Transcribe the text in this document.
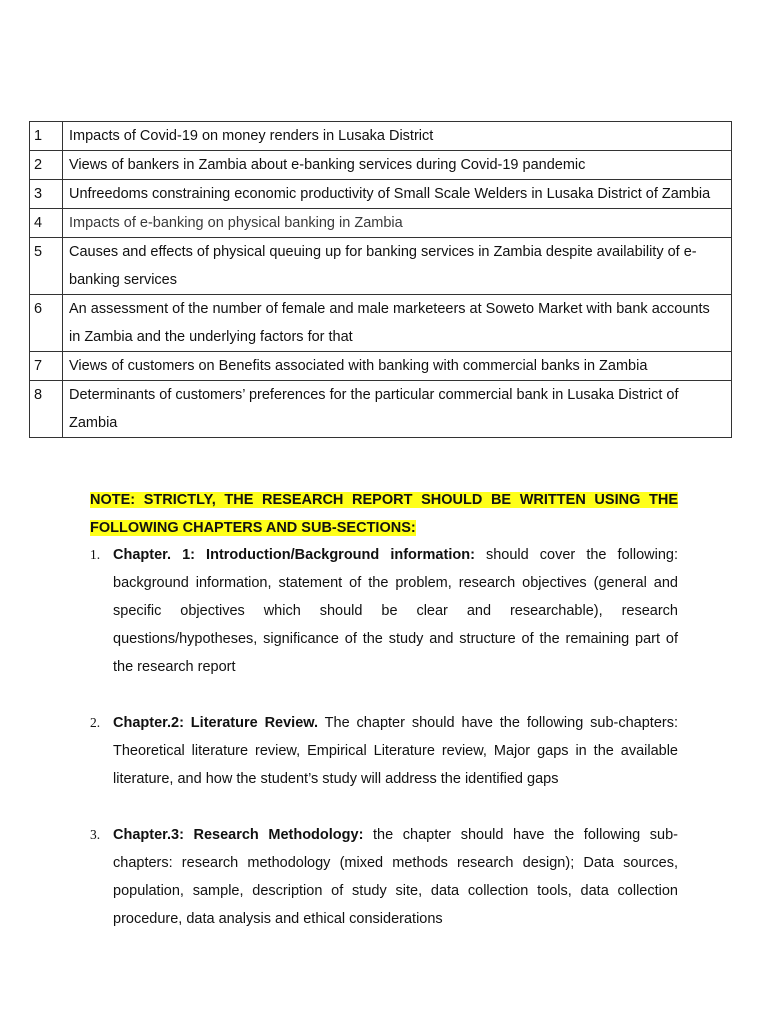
1	Impacts of Covid-19 on money renders in Lusaka District
2	Views of bankers in Zambia about e-banking services during Covid-19 pandemic
3	Unfreedoms constraining economic productivity of Small Scale Welders in Lusaka District of Zambia
4	Impacts of e-banking on physical banking in Zambia
5	Causes and effects of physical queuing up for banking services in Zambia despite availability of e-banking services
6	An assessment of the number of female and male marketeers at Soweto Market with bank accounts in Zambia and the underlying factors for that
7	Views of customers on Benefits associated with banking with commercial banks in Zambia
8	Determinants of customers’ preferences for the particular commercial bank in Lusaka District of Zambia
NOTE: STRICTLY, THE RESEARCH REPORT SHOULD BE WRITTEN USING THE FOLLOWING CHAPTERS AND SUB-SECTIONS:
1. Chapter. 1: Introduction/Background information: should cover the following: background information, statement of the problem, research objectives (general and specific objectives which should be clear and researchable), research questions/hypotheses, significance of the study and structure of the remaining part of the research report
2. Chapter.2: Literature Review. The chapter should have the following sub-chapters: Theoretical literature review, Empirical Literature review, Major gaps in the available literature, and how the student’s study will address the identified gaps
3. Chapter.3: Research Methodology: the chapter should have the following sub-chapters: research methodology (mixed methods research design); Data sources, population, sample, description of study site, data collection tools, data collection procedure, data analysis and ethical considerations
